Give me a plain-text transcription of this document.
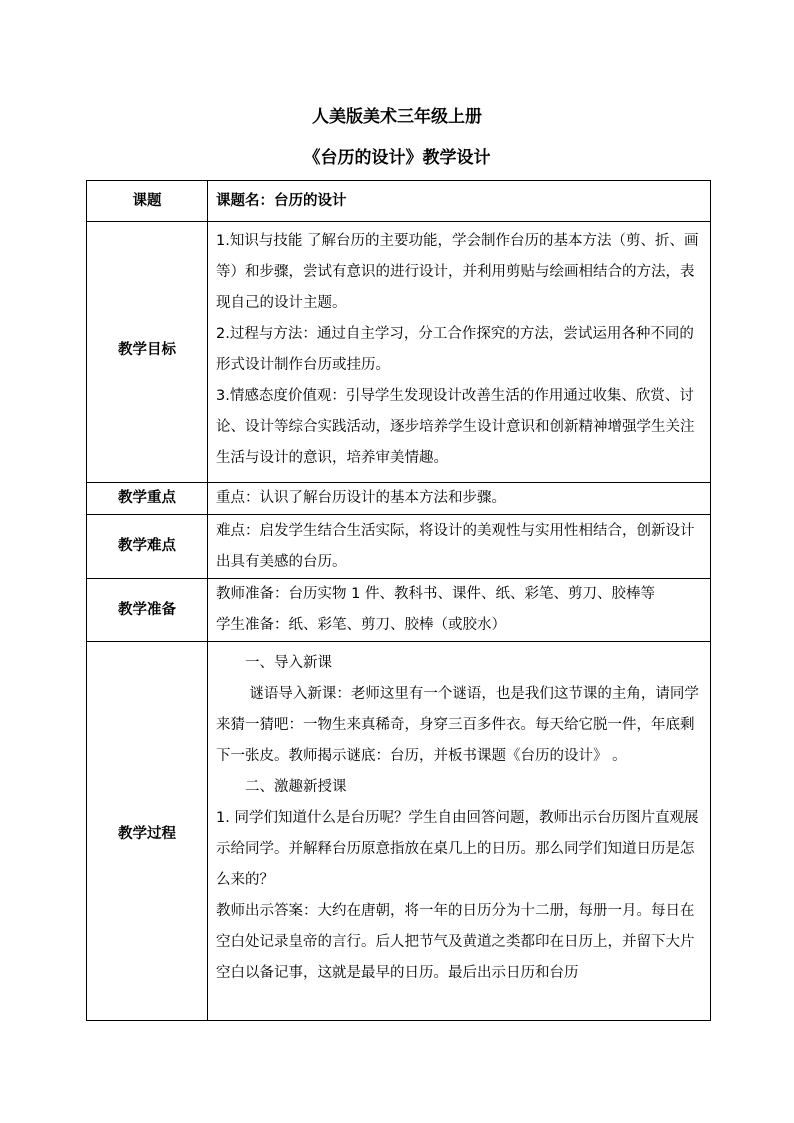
人美版美术三年级上册
《台历的设计》教学设计
课题	课题名：台历的设计
教学目标	1.知识与技能 了解台历的主要功能，学会制作台历的基本方法（剪、折、画等）和步骤，尝试有意识的进行设计，并利用剪贴与绘画相结合的方法，表现自己的设计主题。
2.过程与方法：通过自主学习，分工合作探究的方法，尝试运用各种不同的形式设计制作台历或挂历。
3.情感态度价值观：引导学生发现设计改善生活的作用通过收集、欣赏、讨论、设计等综合实践活动，逐步培养学生设计意识和创新精神增强学生关注生活与设计的意识，培养审美情趣。

教学重点	重点：认识了解台历设计的基本方法和步骤。
教学难点	难点：启发学生结合生活实际，将设计的美观性与实用性相结合，创新设计出具有美感的台历。
教学准备	教师准备：台历实物 1 件、教科书、课件、纸、彩笔、剪刀、胶棒等
学生准备：纸、彩笔、剪刀、胶棒（或胶水）

教学过程	一、导入新课
谜语导入新课：老师这里有一个谜语，也是我们这节课的主角，请同学来猜一猜吧：一物生来真稀奇，身穿三百多件衣。每天给它脱一件，年底剩下一张皮。教师揭示谜底：台历，并板书课题《台历的设计》 。
二、激趣新授课
1. 同学们知道什么是台历呢？学生自由回答问题，教师出示台历图片直观展示给同学。并解释台历原意指放在桌几上的日历。那么同学们知道日历是怎么来的？
教师出示答案：大约在唐朝，将一年的日历分为十二册，每册一月。每日在空白处记录皇帝的言行。后人把节气及黄道之类都印在日历上，并留下大片空白以备记事，这就是最早的日历。最后出示日历和台历
